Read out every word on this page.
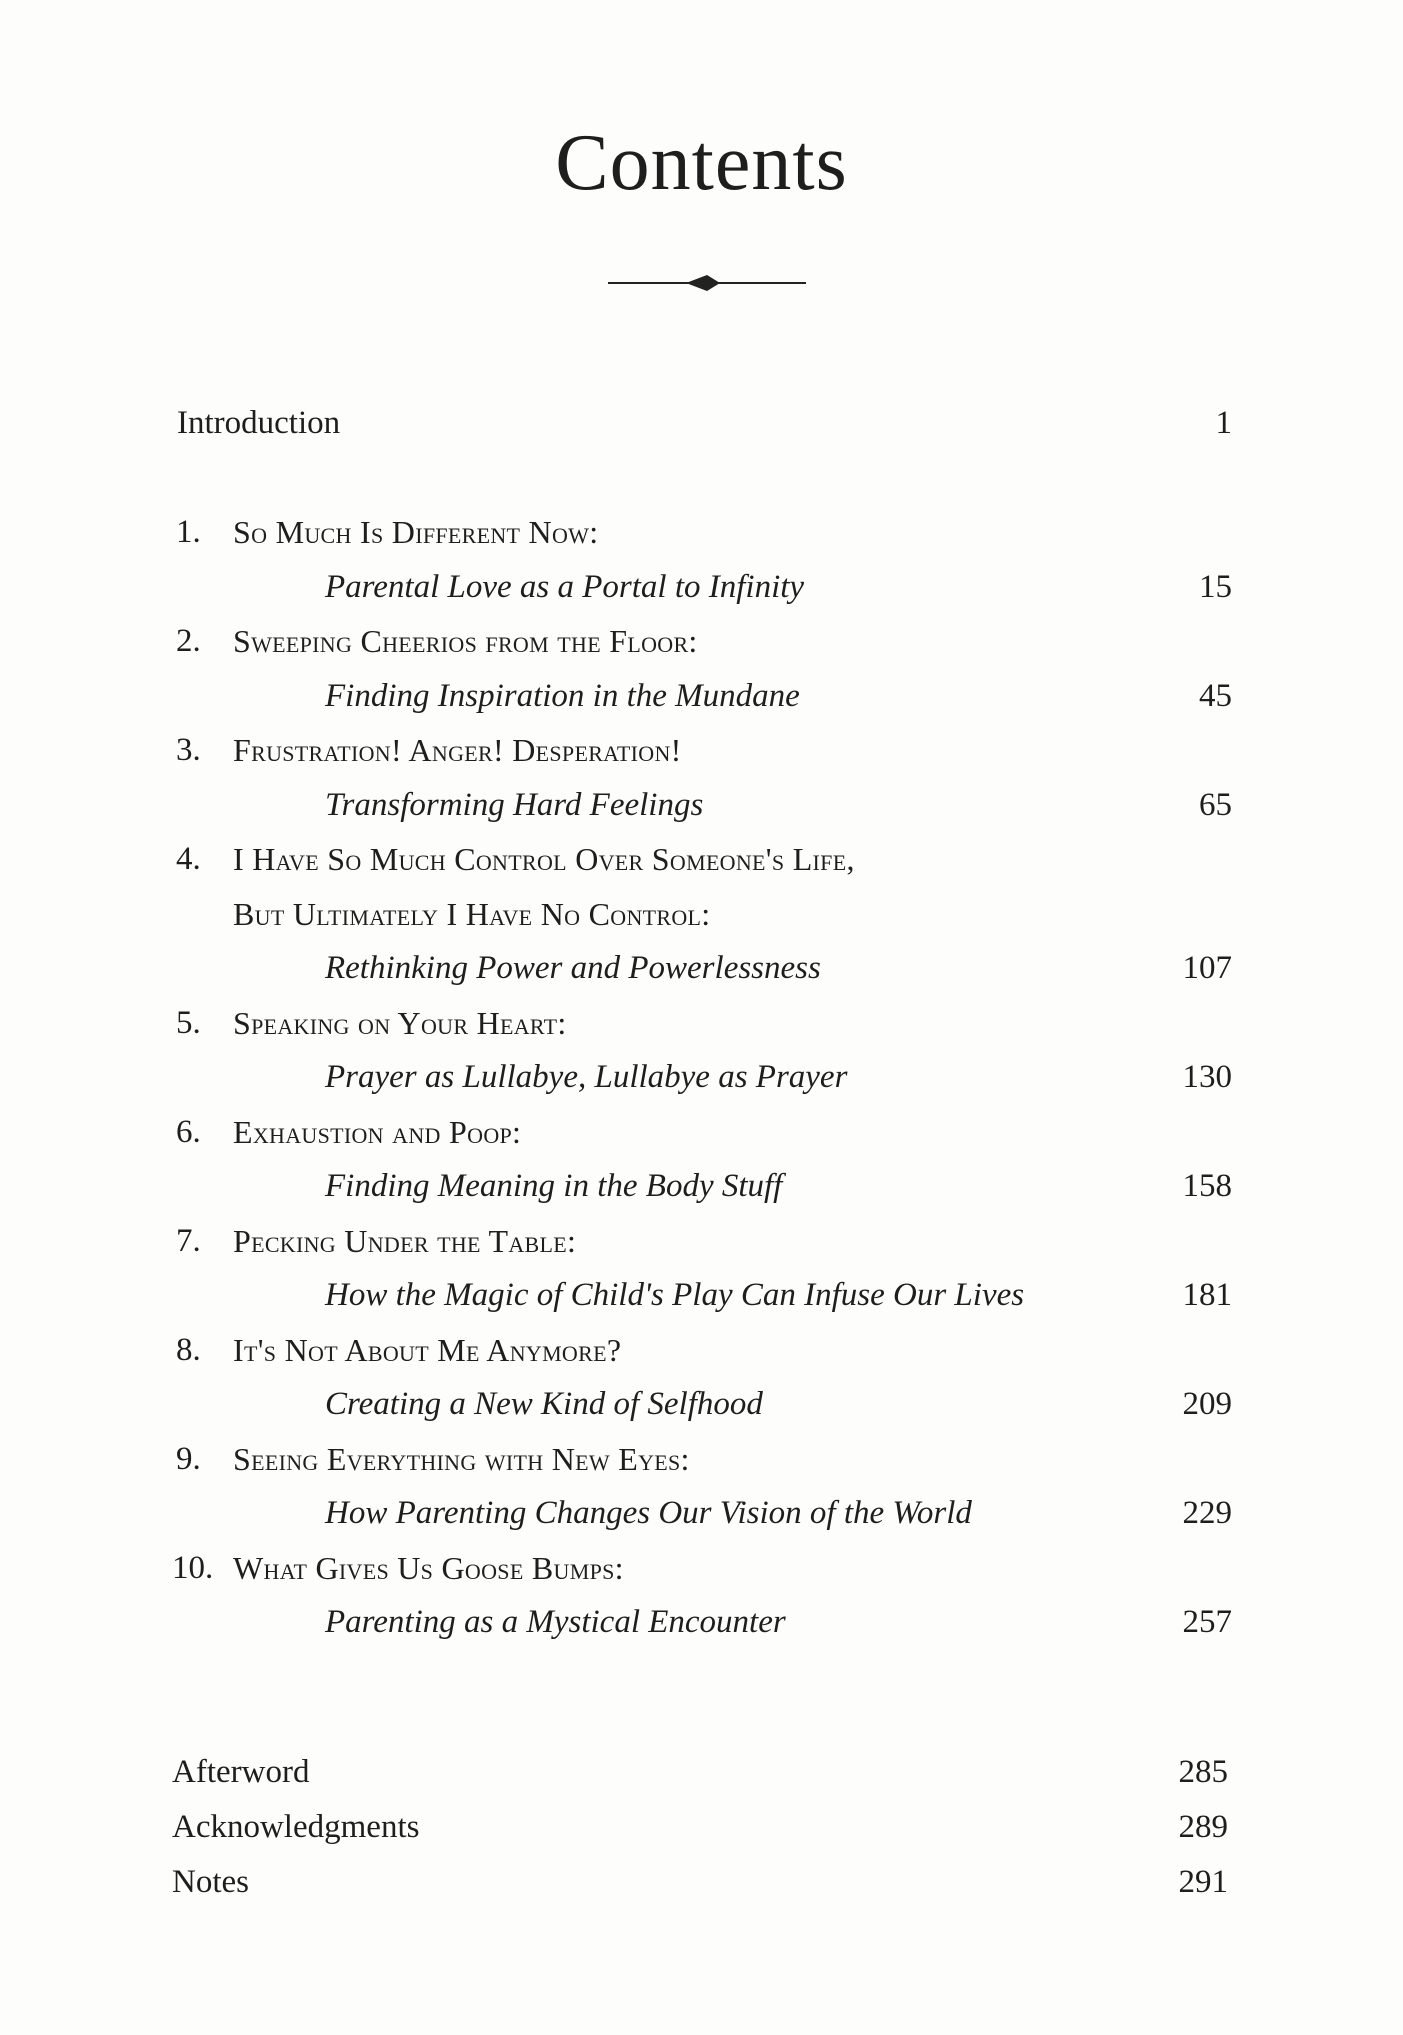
Contents
Introduction	1
1. So Much Is Different Now:
Parental Love as a Portal to Infinity	15
2. Sweeping Cheerios from the Floor:
Finding Inspiration in the Mundane	45
3. Frustration! Anger! Desperation!
Transforming Hard Feelings	65
4. I Have So Much Control Over Someone's Life,
But Ultimately I Have No Control:
Rethinking Power and Powerlessness	107
5. Speaking on Your Heart:
Prayer as Lullabye, Lullabye as Prayer	130
6. Exhaustion and Poop:
Finding Meaning in the Body Stuff	158
7. Pecking Under the Table:
How the Magic of Child's Play Can Infuse Our Lives	181
8. It's Not About Me Anymore?
Creating a New Kind of Selfhood	209
9. Seeing Everything with New Eyes:
How Parenting Changes Our Vision of the World	229
10. What Gives Us Goose Bumps:
Parenting as a Mystical Encounter	257
Afterword	285
Acknowledgments	289
Notes	291
